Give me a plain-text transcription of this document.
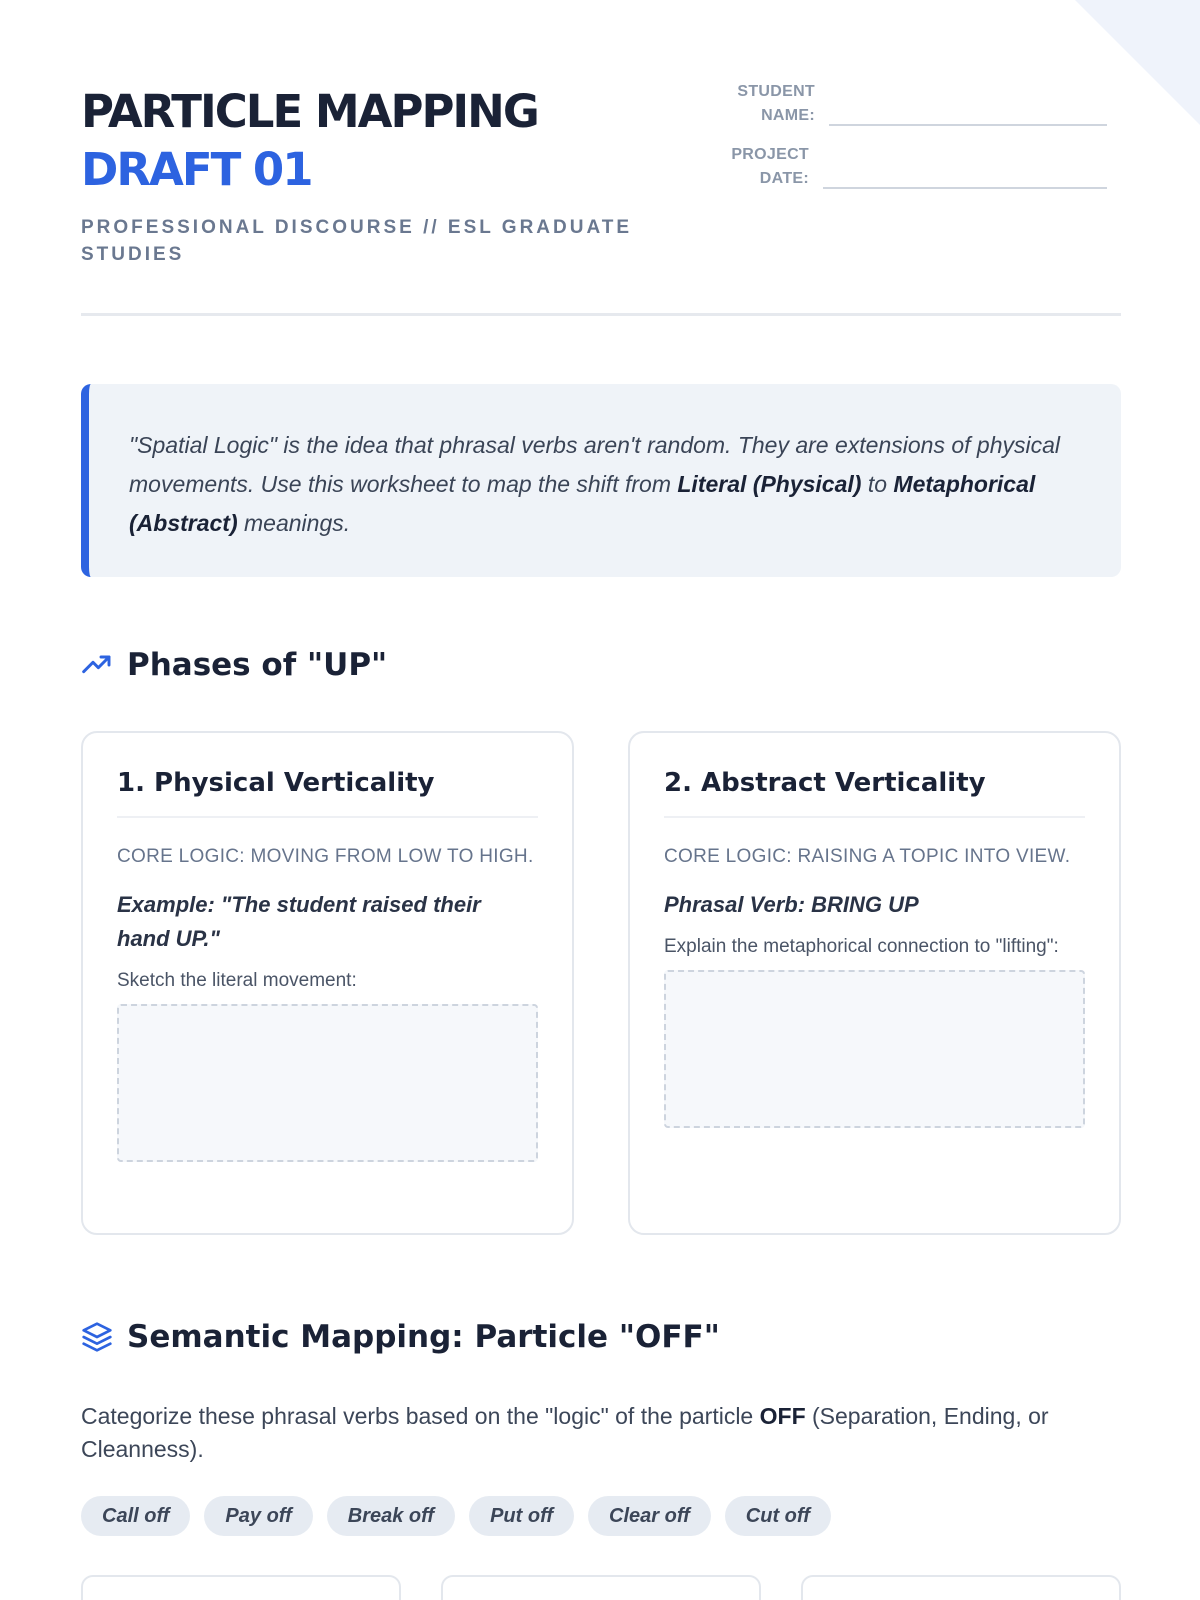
PARTICLE MAPPING
DRAFT 01
PROFESSIONAL DISCOURSE // ESL GRADUATE STUDIES
STUDENT NAME:
PROJECT DATE:
"Spatial Logic" is the idea that phrasal verbs aren't random. They are extensions of physical movements. Use this worksheet to map the shift from Literal (Physical) to Metaphorical (Abstract) meanings.
Phases of "UP"
1. Physical Verticality
CORE LOGIC: MOVING FROM LOW TO HIGH.
Example: "The student raised their hand UP."
Sketch the literal movement:
2. Abstract Verticality
CORE LOGIC: RAISING A TOPIC INTO VIEW.
Phrasal Verb: BRING UP
Explain the metaphorical connection to "lifting":
Semantic Mapping: Particle "OFF"
Categorize these phrasal verbs based on the "logic" of the particle OFF (Separation, Ending, or Cleanness).
Call off	Pay off	Break off	Put off	Clear off	Cut off
